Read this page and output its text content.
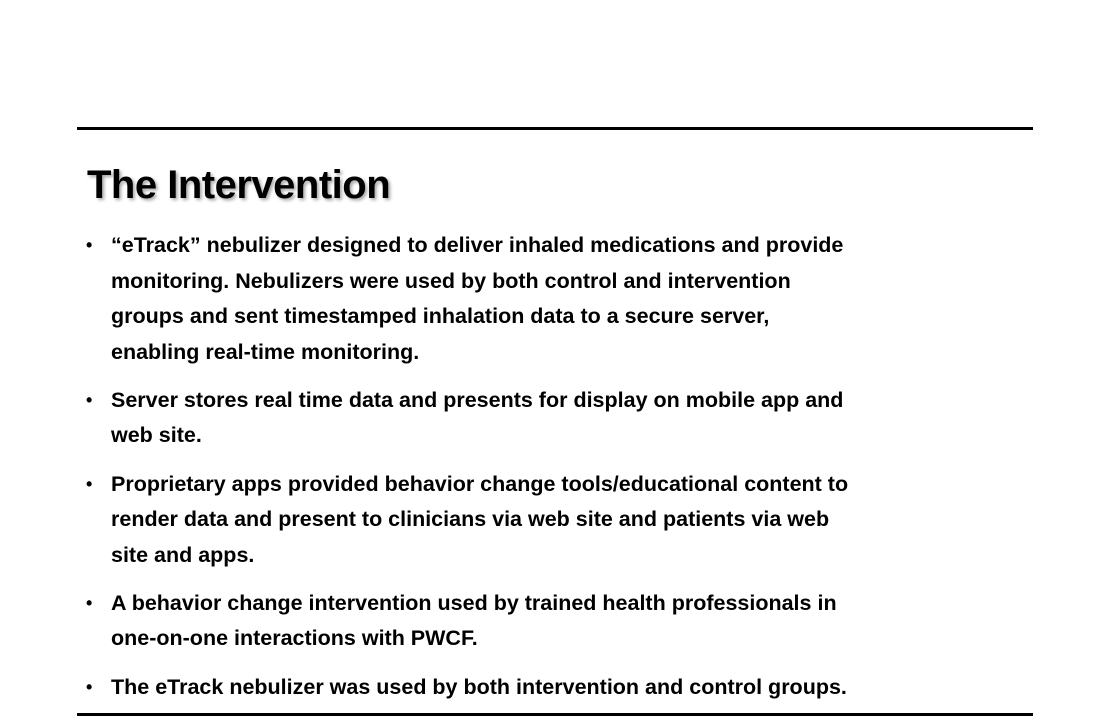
The Intervention
• “eTrack” nebulizer designed to deliver inhaled medications and provide
monitoring. Nebulizers were used by both control and intervention
groups and sent timestamped inhalation data to a secure server,
enabling real-time monitoring.
• Server stores real time data and presents for display on mobile app and
web site.
• Proprietary apps provided behavior change tools/educational content to
render data and present to clinicians via web site and patients via web
site and apps.
• A behavior change intervention used by trained health professionals in
one-on-one interactions with PWCF.
• The eTrack nebulizer was used by both intervention and control groups.
